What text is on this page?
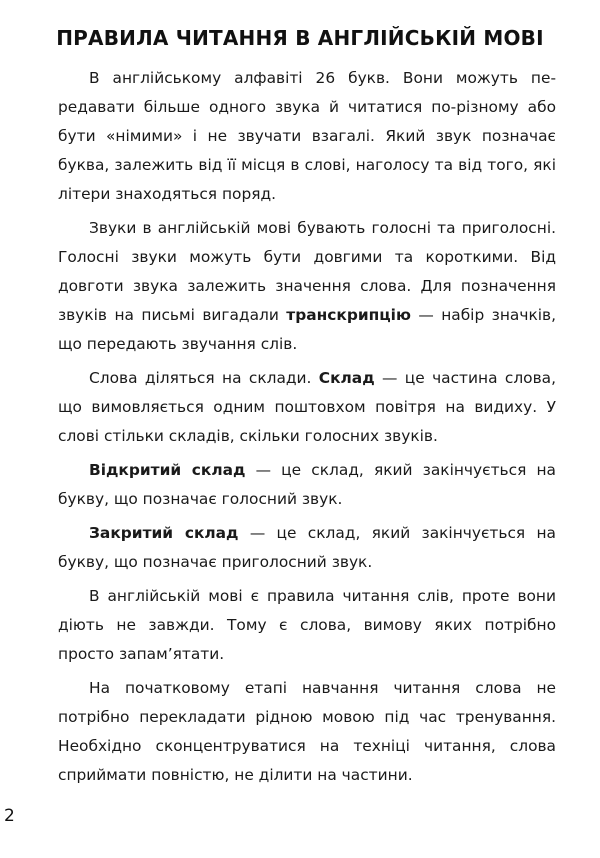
ПРАВИЛА ЧИТАННЯ В АНГЛІЙСЬКІЙ МОВІ

В англійському алфавіті 26 букв. Вони можуть передавати більше одного звука й читатися по-різному або бути «німими» і не звучати взагалі. Який звук позначає буква, залежить від її місця в слові, наголосу та від того, які літери знаходяться поряд.

Звуки в англійській мові бувають голосні та приголосні. Голосні звуки можуть бути довгими та короткими. Від довготи звука залежить значення слова. Для позначення звуків на письмі вигадали транскрипцію — набір значків, що передають звучання слів.

Слова діляться на склади. Склад — це частина слова, що вимовляється одним поштовхом повітря на видиху. У слові стільки складів, скільки голосних звуків.

Відкритий склад — це склад, який закінчується на букву, що позначає голосний звук.

Закритий склад — це склад, який закінчується на букву, що позначає приголосний звук.

В англійській мові є правила читання слів, проте вони діють не завжди. Тому є слова, вимову яких потрібно просто запам’ятати.

На початковому етапі навчання читання слова не потрібно перекладати рідною мовою під час тренування. Необхідно сконцентруватися на техніці читання, слова сприймати повністю, не ділити на частини.

2
